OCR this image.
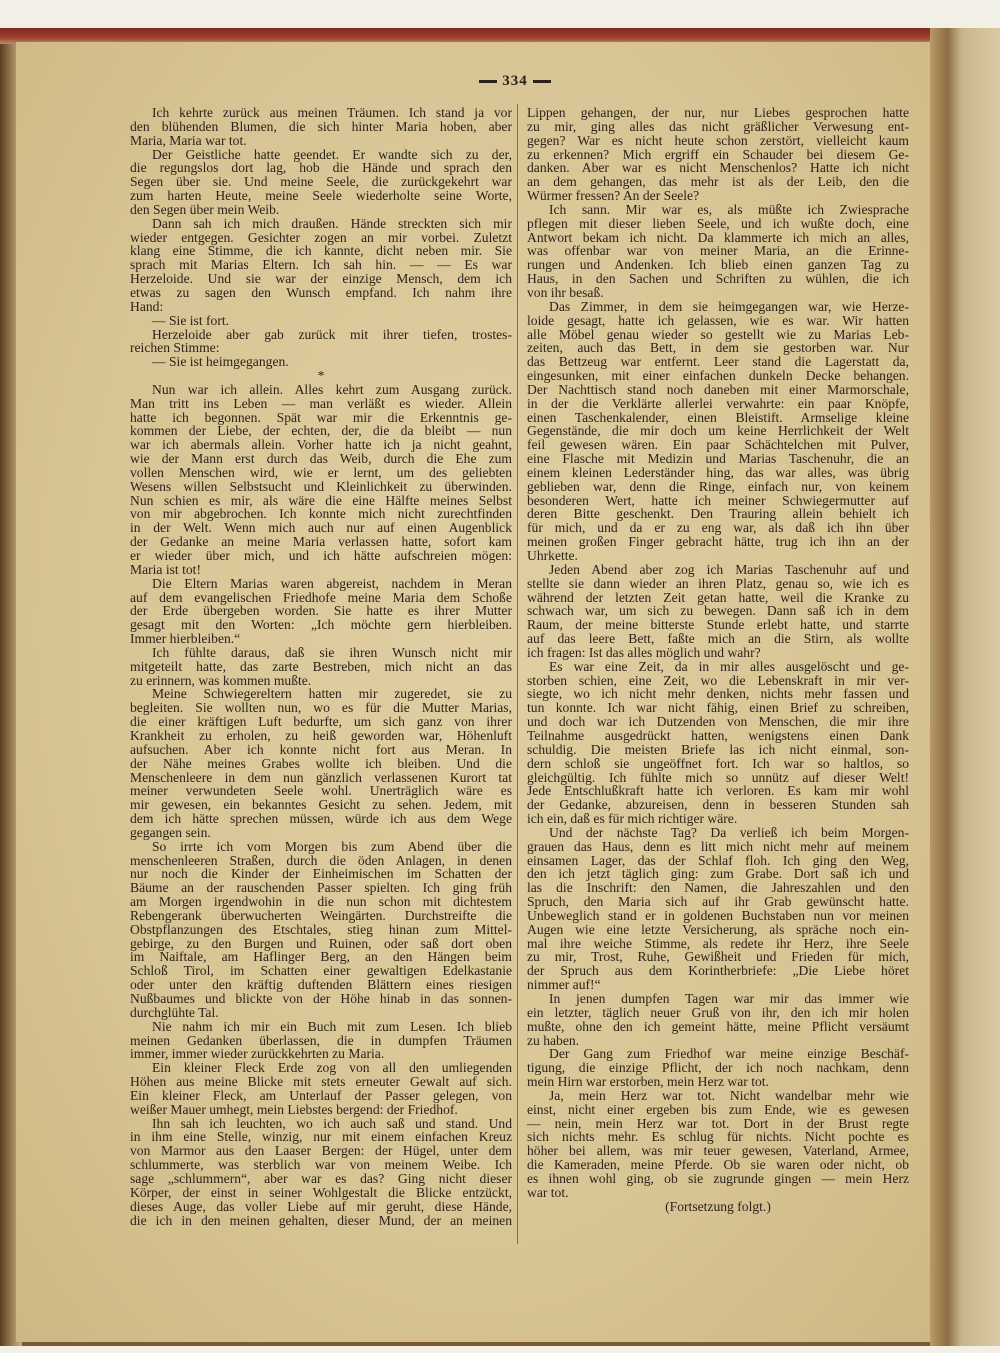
334
Ich kehrte zurück aus meinen Träumen. Ich stand ja vor
den blühenden Blumen, die sich hinter Maria hoben, aber
Maria, Maria war tot.
Der Geistliche hatte geendet. Er wandte sich zu der,
die regungslos dort lag, hob die Hände und sprach den
Segen über sie. Und meine Seele, die zurückgekehrt war
zum harten Heute, meine Seele wiederholte seine Worte,
den Segen über mein Weib.
Dann sah ich mich draußen. Hände streckten sich mir
wieder entgegen. Gesichter zogen an mir vorbei. Zuletzt
klang eine Stimme, die ich kannte, dicht neben mir. Sie
sprach mit Marias Eltern. Ich sah hin. — — Es war
Herzeloide. Und sie war der einzige Mensch, dem ich
etwas zu sagen den Wunsch empfand. Ich nahm ihre
Hand:
— Sie ist fort.
Herzeloide aber gab zurück mit ihrer tiefen, trostes-
reichen Stimme:
— Sie ist heimgegangen.
*
Nun war ich allein. Alles kehrt zum Ausgang zurück.
Man tritt ins Leben — man verläßt es wieder. Allein
hatte ich begonnen. Spät war mir die Erkenntnis ge-
kommen der Liebe, der echten, der, die da bleibt — nun
war ich abermals allein. Vorher hatte ich ja nicht geahnt,
wie der Mann erst durch das Weib, durch die Ehe zum
vollen Menschen wird, wie er lernt, um des geliebten
Wesens willen Selbstsucht und Kleinlichkeit zu überwinden.
Nun schien es mir, als wäre die eine Hälfte meines Selbst
von mir abgebrochen. Ich konnte mich nicht zurechtfinden
in der Welt. Wenn mich auch nur auf einen Augenblick
der Gedanke an meine Maria verlassen hatte, sofort kam
er wieder über mich, und ich hätte aufschreien mögen:
Maria ist tot!
Die Eltern Marias waren abgereist, nachdem in Meran
auf dem evangelischen Friedhofe meine Maria dem Schoße
der Erde übergeben worden. Sie hatte es ihrer Mutter
gesagt mit den Worten: „Ich möchte gern hierbleiben.
Immer hierbleiben.“
Ich fühlte daraus, daß sie ihren Wunsch nicht mir
mitgeteilt hatte, das zarte Bestreben, mich nicht an das
zu erinnern, was kommen mußte.
Meine Schwiegereltern hatten mir zugeredet, sie zu
begleiten. Sie wollten nun, wo es für die Mutter Marias,
die einer kräftigen Luft bedurfte, um sich ganz von ihrer
Krankheit zu erholen, zu heiß geworden war, Höhenluft
aufsuchen. Aber ich konnte nicht fort aus Meran. In
der Nähe meines Grabes wollte ich bleiben. Und die
Menschenleere in dem nun gänzlich verlassenen Kurort tat
meiner verwundeten Seele wohl. Unerträglich wäre es
mir gewesen, ein bekanntes Gesicht zu sehen. Jedem, mit
dem ich hätte sprechen müssen, würde ich aus dem Wege
gegangen sein.
So irrte ich vom Morgen bis zum Abend über die
menschenleeren Straßen, durch die öden Anlagen, in denen
nur noch die Kinder der Einheimischen im Schatten der
Bäume an der rauschenden Passer spielten. Ich ging früh
am Morgen irgendwohin in die nun schon mit dichtestem
Rebengerank überwucherten Weingärten. Durchstreifte die
Obstpflanzungen des Etschtales, stieg hinan zum Mittel-
gebirge, zu den Burgen und Ruinen, oder saß dort oben
im Naiftale, am Haflinger Berg, an den Hängen beim
Schloß Tirol, im Schatten einer gewaltigen Edelkastanie
oder unter den kräftig duftenden Blättern eines riesigen
Nußbaumes und blickte von der Höhe hinab in das sonnen-
durchglühte Tal.
Nie nahm ich mir ein Buch mit zum Lesen. Ich blieb
meinen Gedanken überlassen, die in dumpfen Träumen
immer, immer wieder zurückkehrten zu Maria.
Ein kleiner Fleck Erde zog von all den umliegenden
Höhen aus meine Blicke mit stets erneuter Gewalt auf sich.
Ein kleiner Fleck, am Unterlauf der Passer gelegen, von
weißer Mauer umhegt, mein Liebstes bergend: der Friedhof.
Ihn sah ich leuchten, wo ich auch saß und stand. Und
in ihm eine Stelle, winzig, nur mit einem einfachen Kreuz
von Marmor aus den Laaser Bergen: der Hügel, unter dem
schlummerte, was sterblich war von meinem Weibe. Ich
sage „schlummern“, aber war es das? Ging nicht dieser
Körper, der einst in seiner Wohlgestalt die Blicke entzückt,
dieses Auge, das voller Liebe auf mir geruht, diese Hände,
die ich in den meinen gehalten, dieser Mund, der an meinen
Lippen gehangen, der nur, nur Liebes gesprochen hatte
zu mir, ging alles das nicht gräßlicher Verwesung ent-
gegen? War es nicht heute schon zerstört, vielleicht kaum
zu erkennen? Mich ergriff ein Schauder bei diesem Ge-
danken. Aber war es nicht Menschenlos? Hatte ich nicht
an dem gehangen, das mehr ist als der Leib, den die
Würmer fressen? An der Seele?
Ich sann. Mir war es, als müßte ich Zwiesprache
pflegen mit dieser lieben Seele, und ich wußte doch, eine
Antwort bekam ich nicht. Da klammerte ich mich an alles,
was offenbar war von meiner Maria, an die Erinne-
rungen und Andenken. Ich blieb einen ganzen Tag zu
Haus, in den Sachen und Schriften zu wühlen, die ich
von ihr besaß.
Das Zimmer, in dem sie heimgegangen war, wie Herze-
loide gesagt, hatte ich gelassen, wie es war. Wir hatten
alle Möbel genau wieder so gestellt wie zu Marias Leb-
zeiten, auch das Bett, in dem sie gestorben war. Nur
das Bettzeug war entfernt. Leer stand die Lagerstatt da,
eingesunken, mit einer einfachen dunkeln Decke behangen.
Der Nachttisch stand noch daneben mit einer Marmorschale,
in der die Verklärte allerlei verwahrte: ein paar Knöpfe,
einen Taschenkalender, einen Bleistift. Armselige kleine
Gegenstände, die mir doch um keine Herrlichkeit der Welt
feil gewesen wären. Ein paar Schächtelchen mit Pulver,
eine Flasche mit Medizin und Marias Taschenuhr, die an
einem kleinen Lederständer hing, das war alles, was übrig
geblieben war, denn die Ringe, einfach nur, von keinem
besonderen Wert, hatte ich meiner Schwiegermutter auf
deren Bitte geschenkt. Den Trauring allein behielt ich
für mich, und da er zu eng war, als daß ich ihn über
meinen großen Finger gebracht hätte, trug ich ihn an der
Uhrkette.
Jeden Abend aber zog ich Marias Taschenuhr auf und
stellte sie dann wieder an ihren Platz, genau so, wie ich es
während der letzten Zeit getan hatte, weil die Kranke zu
schwach war, um sich zu bewegen. Dann saß ich in dem
Raum, der meine bitterste Stunde erlebt hatte, und starrte
auf das leere Bett, faßte mich an die Stirn, als wollte
ich fragen: Ist das alles möglich und wahr?
Es war eine Zeit, da in mir alles ausgelöscht und ge-
storben schien, eine Zeit, wo die Lebenskraft in mir ver-
siegte, wo ich nicht mehr denken, nichts mehr fassen und
tun konnte. Ich war nicht fähig, einen Brief zu schreiben,
und doch war ich Dutzenden von Menschen, die mir ihre
Teilnahme ausgedrückt hatten, wenigstens einen Dank
schuldig. Die meisten Briefe las ich nicht einmal, son-
dern schloß sie ungeöffnet fort. Ich war so haltlos, so
gleichgültig. Ich fühlte mich so unnütz auf dieser Welt!
Jede Entschlußkraft hatte ich verloren. Es kam mir wohl
der Gedanke, abzureisen, denn in besseren Stunden sah
ich ein, daß es für mich richtiger wäre.
Und der nächste Tag? Da verließ ich beim Morgen-
grauen das Haus, denn es litt mich nicht mehr auf meinem
einsamen Lager, das der Schlaf floh. Ich ging den Weg,
den ich jetzt täglich ging: zum Grabe. Dort saß ich und
las die Inschrift: den Namen, die Jahreszahlen und den
Spruch, den Maria sich auf ihr Grab gewünscht hatte.
Unbeweglich stand er in goldenen Buchstaben nun vor meinen
Augen wie eine letzte Versicherung, als spräche noch ein-
mal ihre weiche Stimme, als redete ihr Herz, ihre Seele
zu mir, Trost, Ruhe, Gewißheit und Frieden für mich,
der Spruch aus dem Korintherbriefe: „Die Liebe höret
nimmer auf!“
In jenen dumpfen Tagen war mir das immer wie
ein letzter, täglich neuer Gruß von ihr, den ich mir holen
mußte, ohne den ich gemeint hätte, meine Pflicht versäumt
zu haben.
Der Gang zum Friedhof war meine einzige Beschäf-
tigung, die einzige Pflicht, der ich noch nachkam, denn
mein Hirn war erstorben, mein Herz war tot.
Ja, mein Herz war tot. Nicht wandelbar mehr wie
einst, nicht einer ergeben bis zum Ende, wie es gewesen
— nein, mein Herz war tot. Dort in der Brust regte
sich nichts mehr. Es schlug für nichts. Nicht pochte es
höher bei allem, was mir teuer gewesen, Vaterland, Armee,
die Kameraden, meine Pferde. Ob sie waren oder nicht, ob
es ihnen wohl ging, ob sie zugrunde gingen — mein Herz
war tot.
(Fortsetzung folgt.)
